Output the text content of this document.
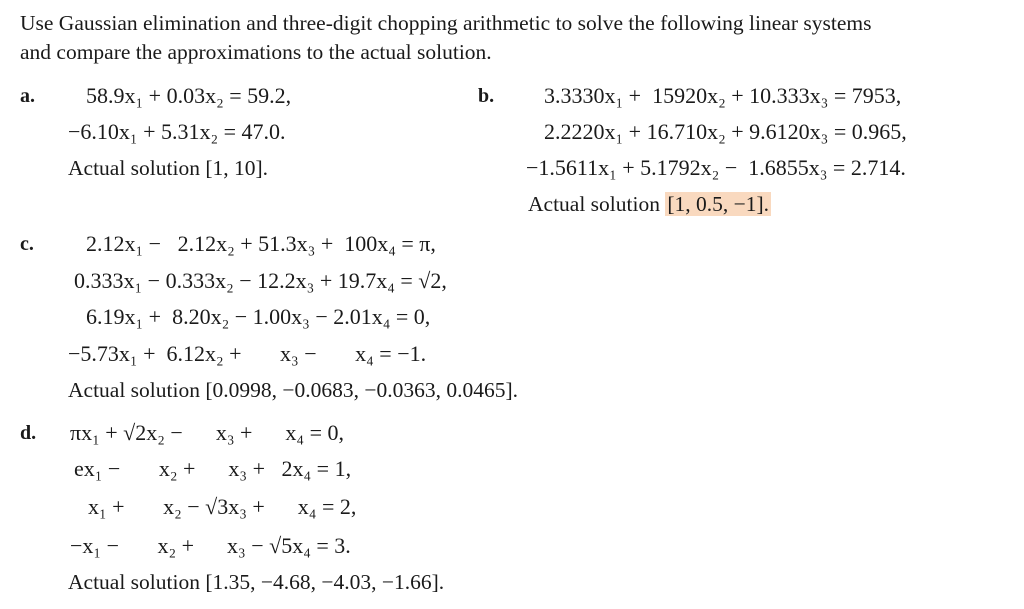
Use Gaussian elimination and three-digit chopping arithmetic to solve the following linear systems
and compare the approximations to the actual solution.
a. 58.9x₁ + 0.03x₂ = 59.2,
−6.10x₁ + 5.31x₂ = 47.0.
Actual solution [1, 10].
b. 3.3330x₁ +  15920x₂ + 10.333x₃ = 7953,
2.2220x₁ + 16.710x₂ + 9.6120x₃ = 0.965,
−1.5611x₁ + 5.1792x₂ −  1.6855x₃ = 2.714.
Actual solution [1, 0.5, −1].
c. 2.12x₁ −   2.12x₂ + 51.3x₃ +  100x₄ = π,
0.333x₁ − 0.333x₂ − 12.2x₃ + 19.7x₄ = √2,
6.19x₁ +  8.20x₂ − 1.00x₃ − 2.01x₄ = 0,
−5.73x₁ +  6.12x₂ +       x₃ −       x₄ = −1.
Actual solution [0.0998, −0.0683, −0.0363, 0.0465].
d. πx₁ + √2x₂ −      x₃ +      x₄ = 0,
ex₁ −       x₂ +      x₃ +   2x₄ = 1,
x₁ +       x₂ − √3x₃ +      x₄ = 2,
−x₁ −       x₂ +      x₃ − √5x₄ = 3.
Actual solution [1.35, −4.68, −4.03, −1.66].
